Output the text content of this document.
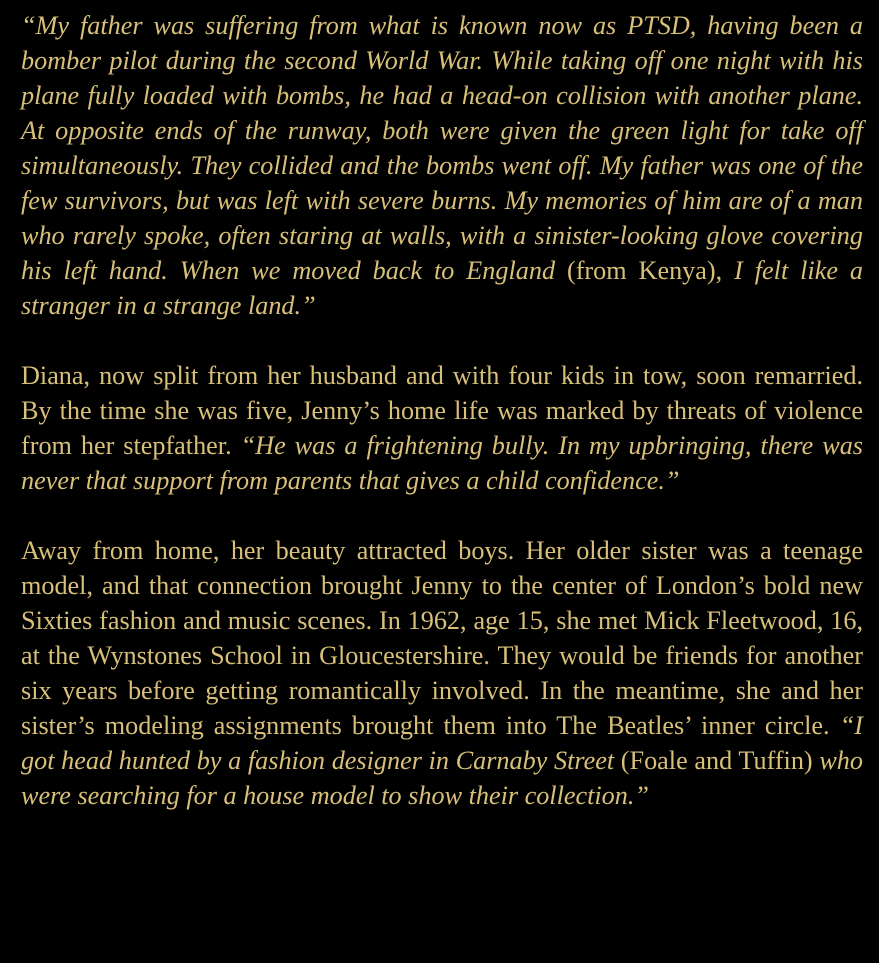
“My father was suffering from what is known now as PTSD, having been a bomber pilot during the second World War. While taking off one night with his plane fully loaded with bombs, he had a head-on collision with another plane. At opposite ends of the runway, both were given the green light for take off simultaneously. They collided and the bombs went off. My father was one of the few survivors, but was left with severe burns. My memories of him are of a man who rarely spoke, often staring at walls, with a sinister-looking glove covering his left hand. When we moved back to England (from Kenya), I felt like a stranger in a strange land.”

Diana, now split from her husband and with four kids in tow, soon remarried. By the time she was five, Jenny’s home life was marked by threats of violence from her stepfather. “He was a frightening bully. In my upbringing, there was never that support from parents that gives a child confidence.”

Away from home, her beauty attracted boys. Her older sister was a teenage model, and that connection brought Jenny to the center of London’s bold new Sixties fashion and music scenes. In 1962, age 15, she met Mick Fleetwood, 16, at the Wynstones School in Gloucestershire. They would be friends for another six years before getting romantically involved. In the meantime, she and her sister’s modeling assignments brought them into The Beatles’ inner circle. “I got head hunted by a fashion designer in Carnaby Street (Foale and Tuffin) who were searching for a house model to show their collection.”
